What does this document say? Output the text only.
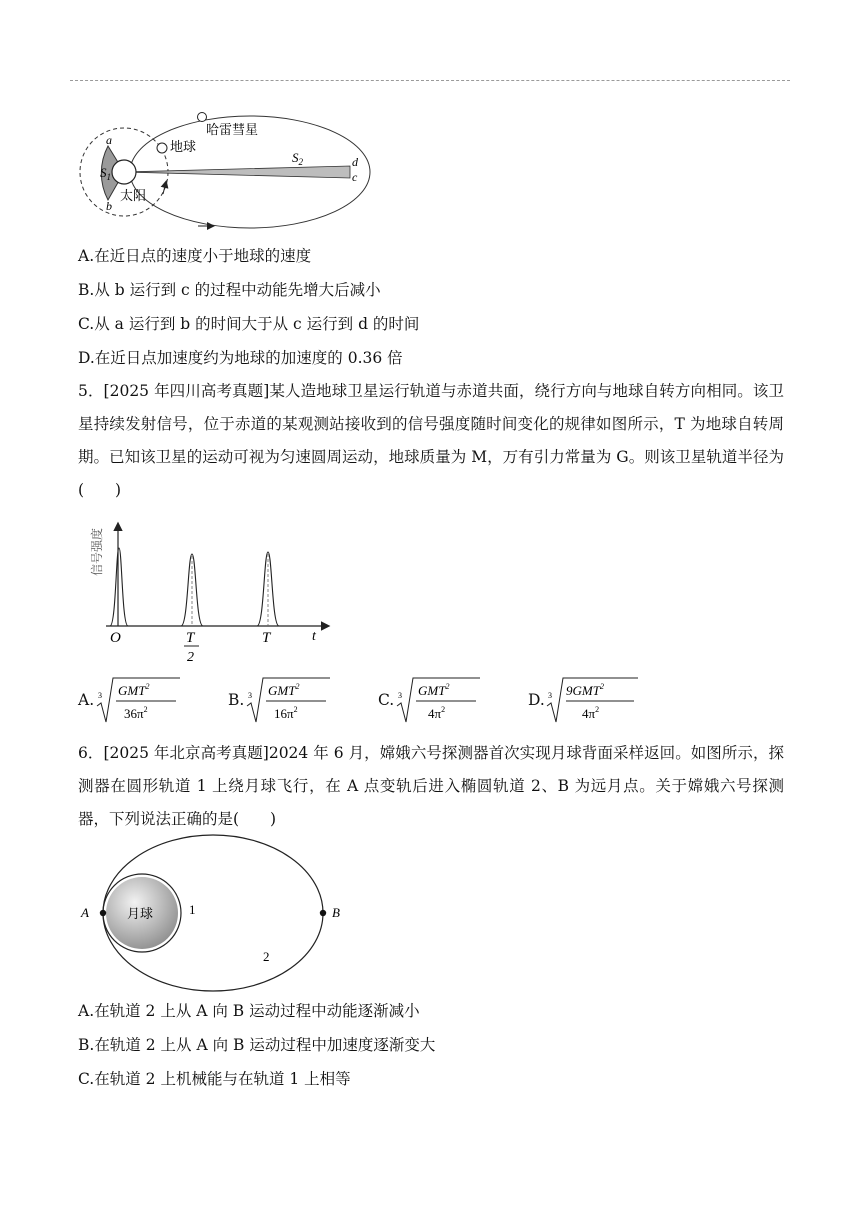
哈雷彗星
地球
太阳
$S_1$
$S_2$
a
b
c
d
A.在近日点的速度小于地球的速度
B.从 b 运行到 c 的过程中动能先增大后减小
C.从 a 运行到 b 的时间大于从 c 运行到 d 的时间
D.在近日点加速度约为地球的加速度的 0.36 倍
5．[2025 年四川高考真题]某人造地球卫星运行轨道与赤道共面，绕行方向与地球自转方向相同。该卫星持续发射信号，位于赤道的某观测站接收到的信号强度随时间变化的规律如图所示，T 为地球自转周期。已知该卫星的运动可视为匀速圆周运动，地球质量为 M，万有引力常量为 G。则该卫星轨道半径为(　　)
信号强度
O	T
2
T	t
A. 3 GMT$^2$
$36\pi^2$
B. 3 GMT$^2$
$16\pi^2$
C. 3 GMT$^2$
$4\pi^2$
D. 3 9GMT$^2$
$4\pi^2$
6．[2025 年北京高考真题]2024 年 6 月，嫦娥六号探测器首次实现月球背面采样返回。如图所示，探测器在圆形轨道 1 上绕月球飞行，在 A 点变轨后进入椭圆轨道 2、B 为远月点。关于嫦娥六号探测器，下列说法正确的是(　　)
月球	1
2
A	B
A.在轨道 2 上从 A 向 B 运动过程中动能逐渐减小
B.在轨道 2 上从 A 向 B 运动过程中加速度逐渐变大
C.在轨道 2 上机械能与在轨道 1 上相等
